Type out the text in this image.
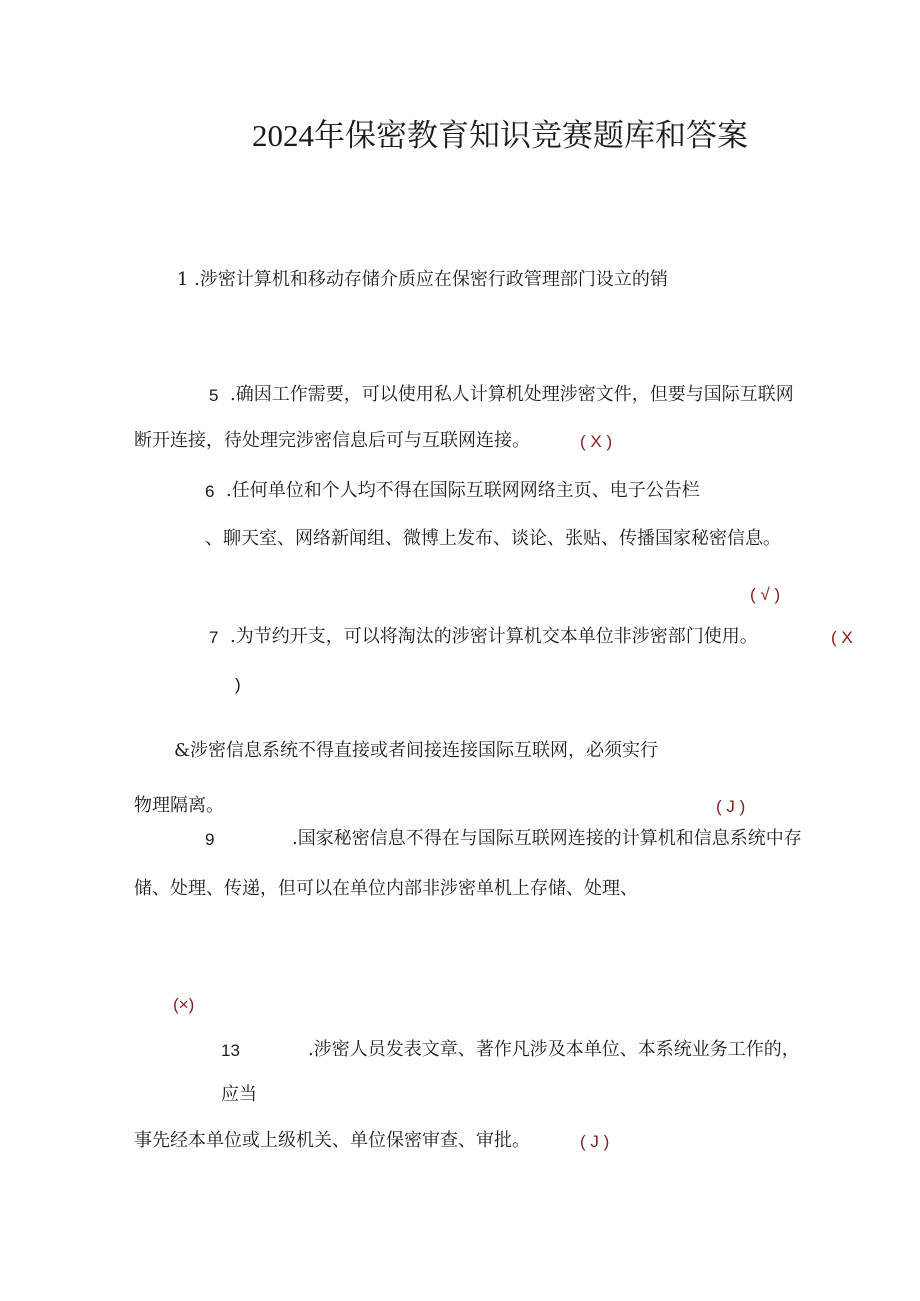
2024年保密教育知识竞赛题库和答案
1 .涉密计算机和移动存储介质应在保密行政管理部门设立的销
5 .确因工作需要，可以使用私人计算机处理涉密文件，但要与国际互联网
断开连接，待处理完涉密信息后可与互联网连接。	( X )
6 .任何单位和个人均不得在国际互联网网络主页、电子公告栏
、聊天室、网络新闻组、微博上发布、谈论、张贴、传播国家秘密信息。
( √ )
7 .为节约开支，可以将淘汰的涉密计算机交本单位非涉密部门使用。	( X
)
&涉密信息系统不得直接或者间接连接国际互联网，必须实行
物理隔离。	( J )
9	.国家秘密信息不得在与国际互联网连接的计算机和信息系统中存
储、处理、传递，但可以在单位内部非涉密单机上存储、处理、
(×)
13	.涉密人员发表文章、著作凡涉及本单位、本系统业务工作的，
应当
事先经本单位或上级机关、单位保密审查、审批。	( J )
